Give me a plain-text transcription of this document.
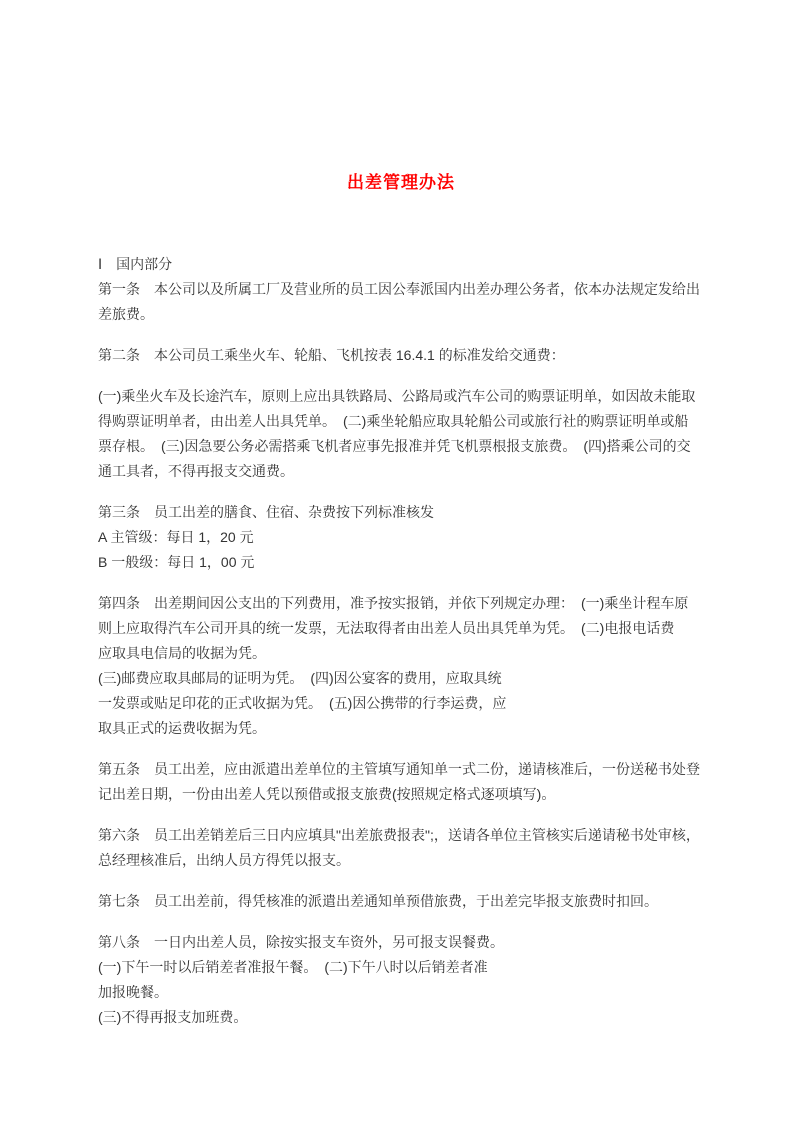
出差管理办法
Ⅰ　国内部分
第一条　本公司以及所属工厂及营业所的员工因公奉派国内出差办理公务者，依本办法规定发给出
差旅费。
第二条　本公司员工乘坐火车、轮船、飞机按表 16.4.1 的标准发给交通费：
(一)乘坐火车及长途汽车，原则上应出具铁路局、公路局或汽车公司的购票证明单，如因故未能取
得购票证明单者，由出差人出具凭单。　(二)乘坐轮船应取具轮船公司或旅行社的购票证明单或船
票存根。　(三)因急要公务必需搭乘飞机者应事先报准并凭飞机票根报支旅费。　(四)搭乘公司的交
通工具者，不得再报支交通费。
第三条　员工出差的膳食、住宿、杂费按下列标准核发
A 主管级：每日 1，20 元
B 一般级：每日 1，00 元
第四条　出差期间因公支出的下列费用，准予按实报销，并依下列规定办理：　(一)乘坐计程车原
则上应取得汽车公司开具的统一发票，无法取得者由出差人员出具凭单为凭。　(二)电报电话费
应取具电信局的收据为凭。
(三)邮费应取具邮局的证明为凭。　(四)因公宴客的费用，应取具统
一发票或贴足印花的正式收据为凭。　(五)因公携带的行李运费，应
取具正式的运费收据为凭。
第五条　员工出差，应由派遣出差单位的主管填写通知单一式二份，递请核准后，一份送秘书处登
记出差日期，一份由出差人凭以预借或报支旅费(按照规定格式逐项填写)。
第六条　员工出差销差后三日内应填具"出差旅费报表";，送请各单位主管核实后递请秘书处审核，
总经理核准后，出纳人员方得凭以报支。
第七条　员工出差前，得凭核准的派遣出差通知单预借旅费，于出差完毕报支旅费时扣回。
第八条　一日内出差人员，除按实报支车资外，另可报支误餐费。
(一)下午一时以后销差者准报午餐。　(二)下午八时以后销差者准
加报晚餐。
(三)不得再报支加班费。
